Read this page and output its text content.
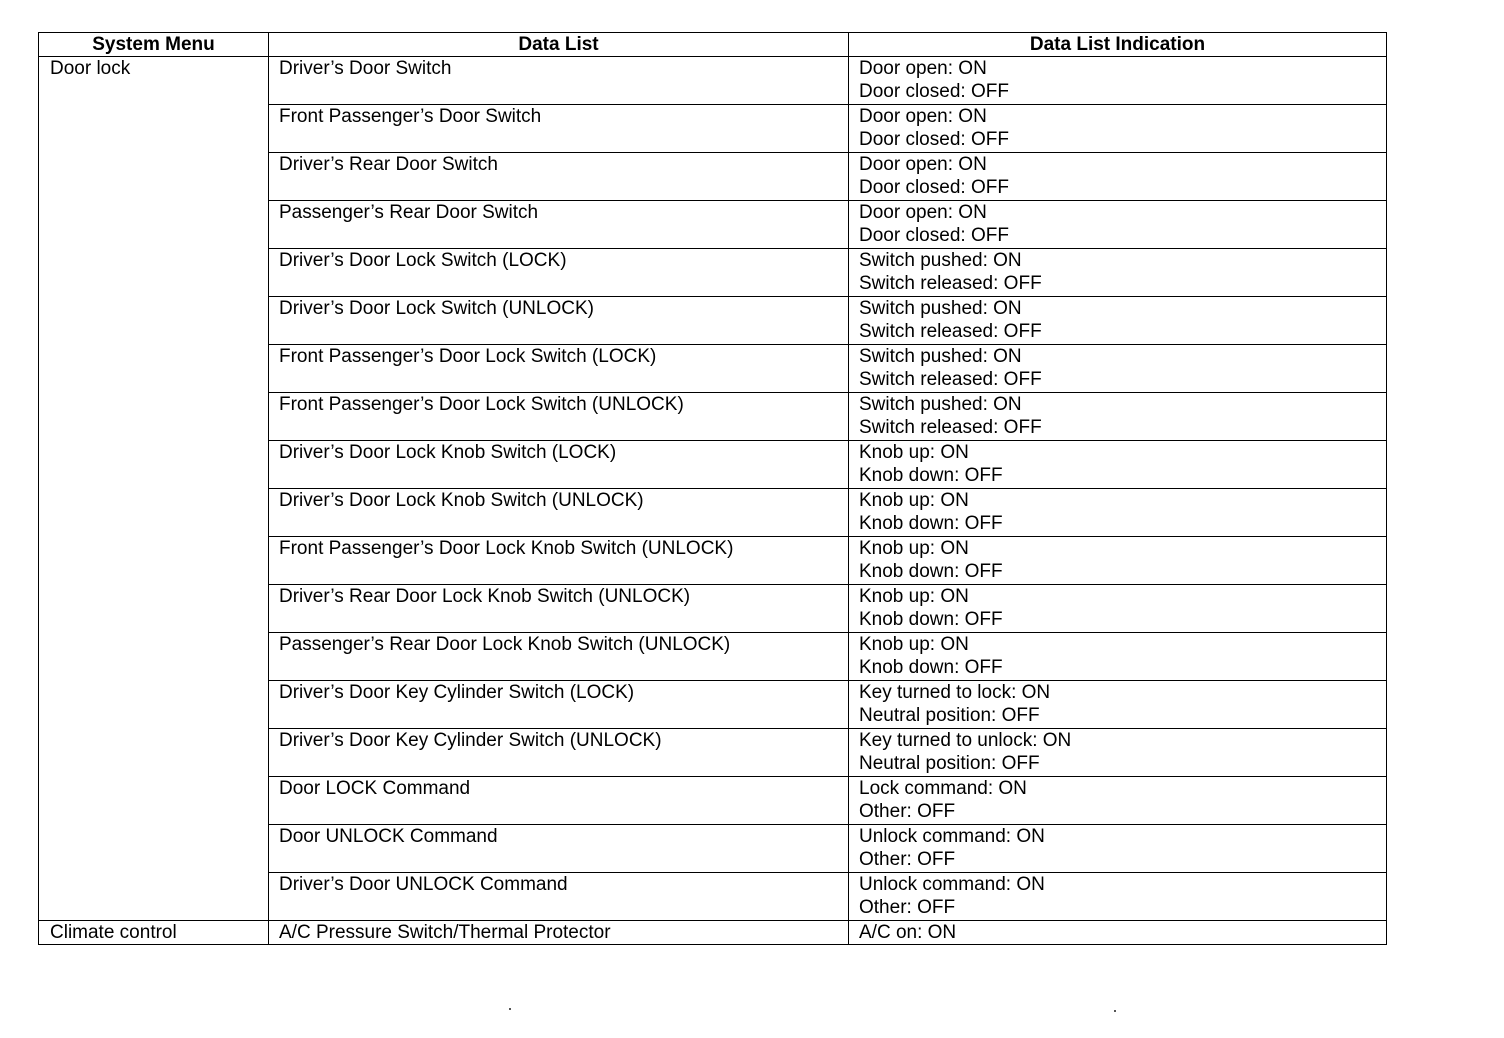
System Menu	Data List	Data List Indication
Door lock	Driver’s Door Switch	Door open: ON
Door closed: OFF

	Front Passenger’s Door Switch	Door open: ON
Door closed: OFF

	Driver’s Rear Door Switch	Door open: ON
Door closed: OFF

	Passenger’s Rear Door Switch	Door open: ON
Door closed: OFF

	Driver’s Door Lock Switch (LOCK)	Switch pushed: ON
Switch released: OFF

	Driver’s Door Lock Switch (UNLOCK)	Switch pushed: ON
Switch released: OFF

	Front Passenger’s Door Lock Switch (LOCK)	Switch pushed: ON
Switch released: OFF

	Front Passenger’s Door Lock Switch (UNLOCK)	Switch pushed: ON
Switch released: OFF

	Driver’s Door Lock Knob Switch (LOCK)	Knob up: ON
Knob down: OFF

	Driver’s Door Lock Knob Switch (UNLOCK)	Knob up: ON
Knob down: OFF

	Front Passenger’s Door Lock Knob Switch (UNLOCK)	Knob up: ON
Knob down: OFF

	Driver’s Rear Door Lock Knob Switch (UNLOCK)	Knob up: ON
Knob down: OFF

	Passenger’s Rear Door Lock Knob Switch (UNLOCK)	Knob up: ON
Knob down: OFF

	Driver’s Door Key Cylinder Switch (LOCK)	Key turned to lock: ON
Neutral position: OFF

	Driver’s Door Key Cylinder Switch (UNLOCK)	Key turned to unlock: ON
Neutral position: OFF

	Door LOCK Command	Lock command: ON
Other: OFF

	Door UNLOCK Command	Unlock command: ON
Other: OFF

	Driver’s Door UNLOCK Command	Unlock command: ON
Other: OFF

Climate control	A/C Pressure Switch/Thermal Protector	A/C on: ON
